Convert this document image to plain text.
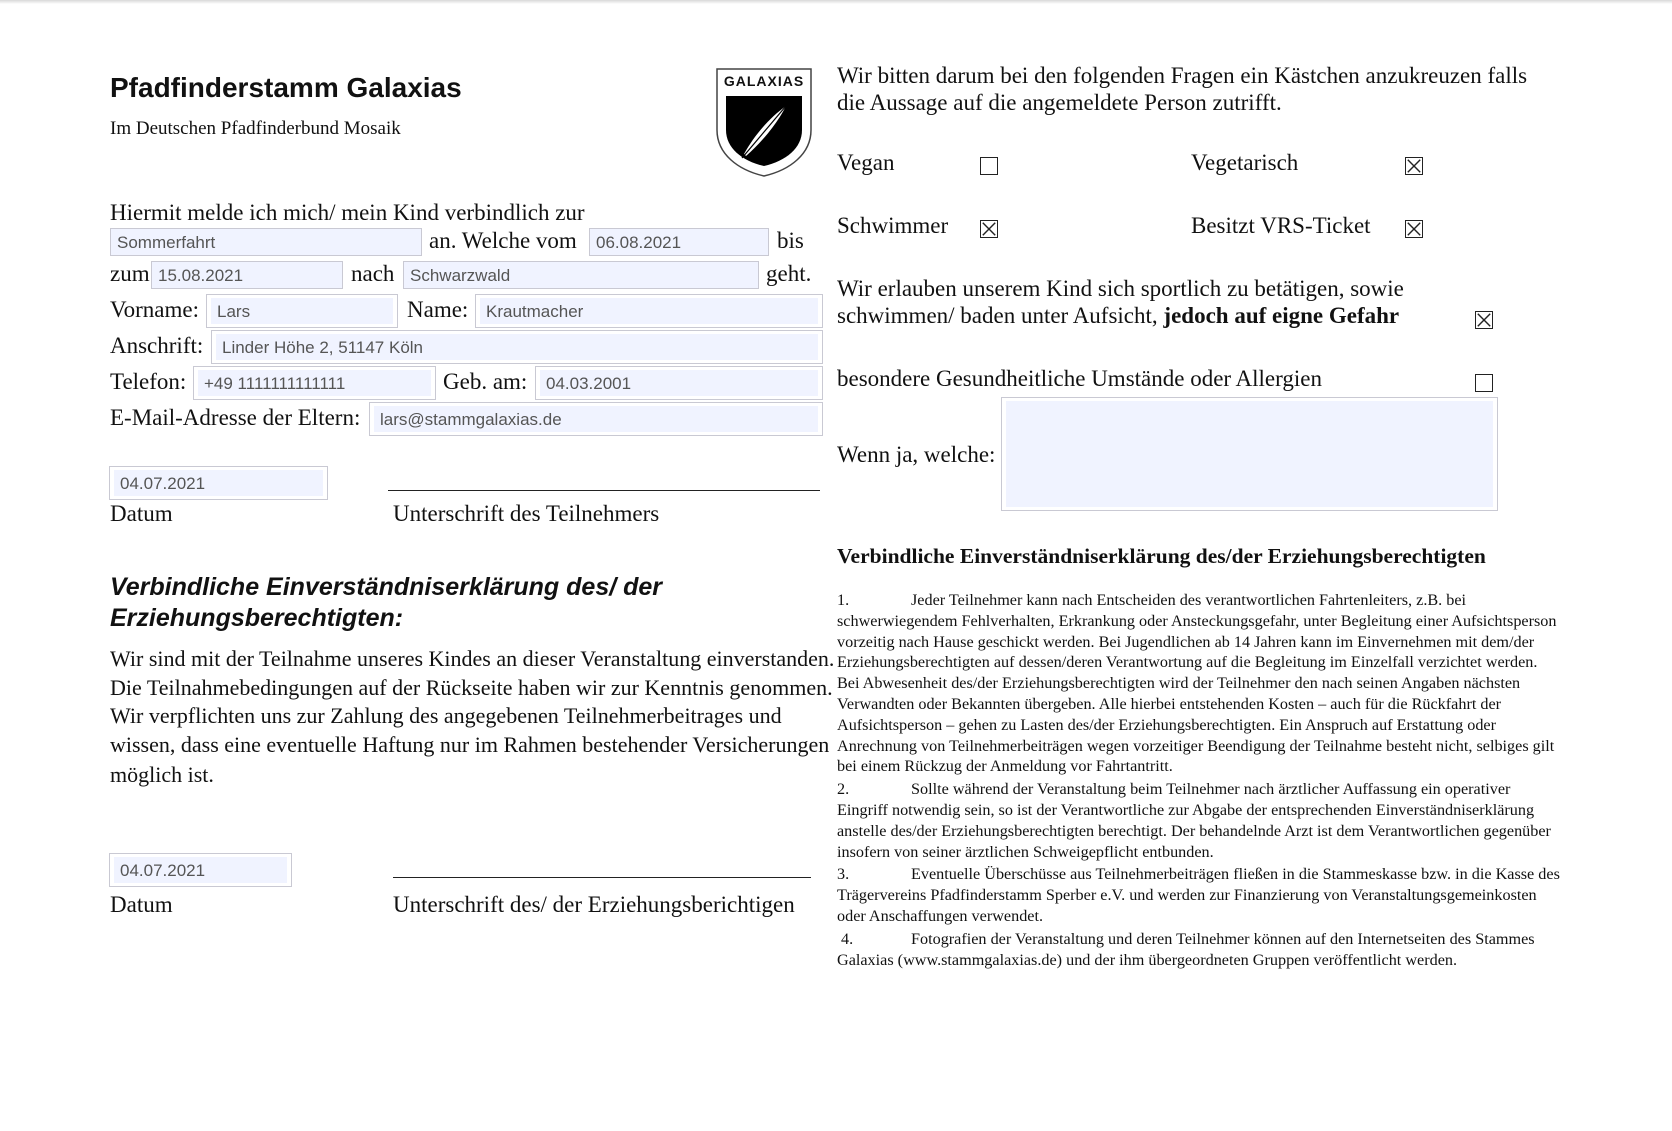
Pfadfinderstamm Galaxias
Im Deutschen Pfadfinderbund Mosaik
GALAXIAS
Hiermit melde ich mich/ mein Kind verbindlich zur
Sommerfahrt	an. Welche vom	06.08.2021	bis
zum 15.08.2021	nach Schwarzwald	geht.
Vorname:	Lars	Name:	Krautmacher
Anschrift:	Linder Höhe 2, 51147 Köln
Telefon:	+49 1111111111111	Geb. am:	04.03.2001
E-Mail-Adresse der Eltern:	lars@stammgalaxias.de
04.07.2021
Datum	Unterschrift des Teilnehmers
Verbindliche Einverständniserklärung des/ der Erziehungsberechtigten:
Wir sind mit der Teilnahme unseres Kindes an dieser Veranstaltung einverstanden.
Die Teilnahmebedingungen auf der Rückseite haben wir zur Kenntnis genommen.
Wir verpflichten uns zur Zahlung des angegebenen Teilnehmerbeitrages und
wissen, dass eine eventuelle Haftung nur im Rahmen bestehender Versicherungen
möglich ist.
04.07.2021
Datum	Unterschrift des/ der Erziehungsberichtigen
Wir bitten darum bei den folgenden Fragen ein Kästchen anzukreuzen falls
die Aussage auf die angemeldete Person zutrifft.
Vegan	Vegetarisch
Schwimmer	Besitzt VRS-Ticket
Wir erlauben unserem Kind sich sportlich zu betätigen, sowie
schwimmen/ baden unter Aufsicht, jedoch auf eigne Gefahr
besondere Gesundheitliche Umstände oder Allergien
Wenn ja, welche:
Verbindliche Einverständniserklärung des/der Erziehungsberechtigten

1.	Jeder Teilnehmer kann nach Entscheiden des verantwortlichen Fahrtenleiters, z.B. bei schwerwiegendem Fehlverhalten, Erkrankung oder Ansteckungsgefahr, unter Begleitung einer Aufsichtsperson vorzeitig nach Hause geschickt werden. Bei Jugendlichen ab 14 Jahren kann im Einvernehmen mit dem/der Erziehungsberechtigten auf dessen/deren Verantwortung auf die Begleitung im Einzelfall verzichtet werden. Bei Abwesenheit des/der Erziehungsberechtigten wird der Teilnehmer den nach seinen Angaben nächsten Verwandten oder Bekannten übergeben. Alle hierbei entstehenden Kosten – auch für die Rückfahrt der Aufsichtsperson – gehen zu Lasten des/der Erziehungsberechtigten. Ein Anspruch auf Erstattung oder Anrechnung von Teilnehmerbeiträgen wegen vorzeitiger Beendigung der Teilnahme besteht nicht, selbiges gilt bei einem Rückzug der Anmeldung vor Fahrtantritt.

2.	Sollte während der Veranstaltung beim Teilnehmer nach ärztlicher Auffassung ein operativer Eingriff notwendig sein, so ist der Verantwortliche zur Abgabe der entsprechenden Einverständniserklärung anstelle des/der Erziehungsberechtigten berechtigt. Der behandelnde Arzt ist dem Verantwortlichen gegenüber insofern von seiner ärztlichen Schweigepflicht entbunden.

3.	Eventuelle Überschüsse aus Teilnehmerbeiträgen fließen in die Stammeskasse bzw. in die Kasse des Trägervereins Pfadfinderstamm Sperber e.V. und werden zur Finanzierung von Veranstaltungsgemeinkosten oder Anschaffungen verwendet.

4.	Fotografien der Veranstaltung und deren Teilnehmer können auf den Internetseiten des Stammes Galaxias (www.stammgalaxias.de) und der ihm übergeordneten Gruppen veröffentlicht werden.
